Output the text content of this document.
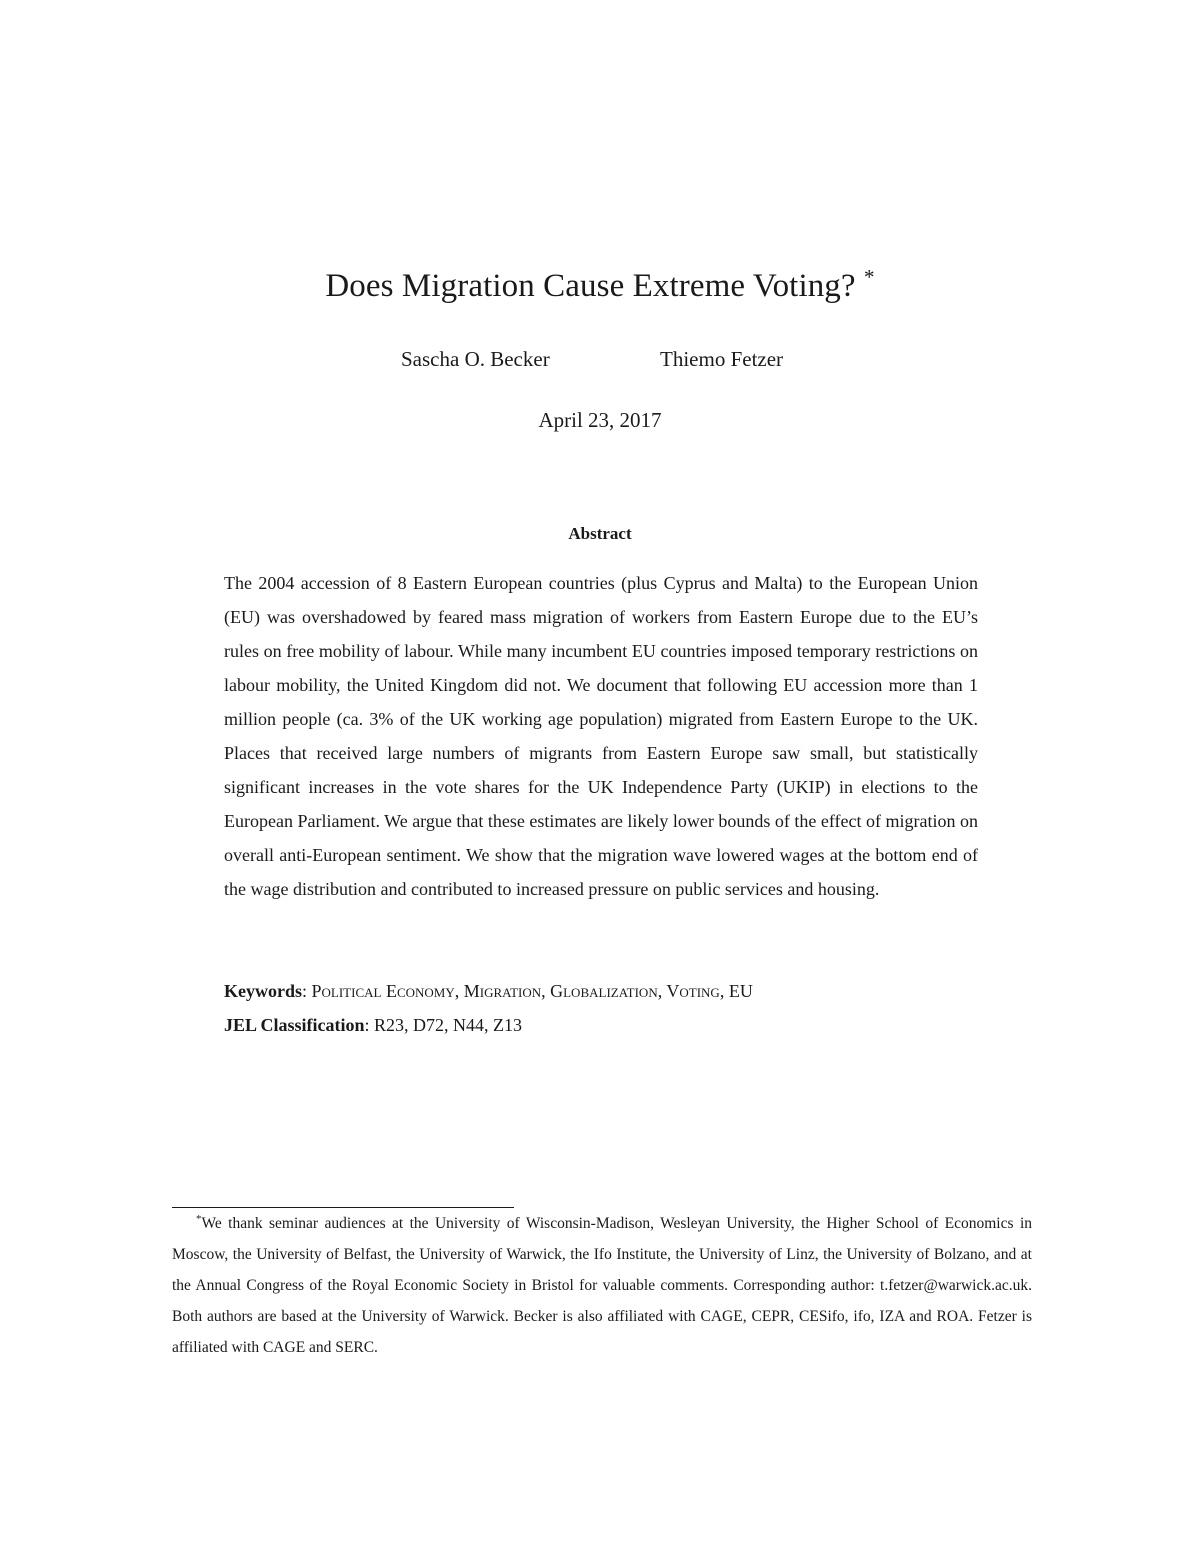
Does Migration Cause Extreme Voting? *
Sascha O. Becker	Thiemo Fetzer
April 23, 2017
Abstract
The 2004 accession of 8 Eastern European countries (plus Cyprus and Malta) to the European Union (EU) was overshadowed by feared mass migration of workers from Eastern Europe due to the EU’s rules on free mobility of labour. While many incumbent EU countries imposed temporary restrictions on labour mobility, the United Kingdom did not. We document that following EU accession more than 1 million people (ca. 3% of the UK working age population) migrated from Eastern Europe to the UK. Places that received large numbers of migrants from Eastern Europe saw small, but statistically significant increases in the vote shares for the UK Independence Party (UKIP) in elections to the European Parliament. We argue that these estimates are likely lower bounds of the effect of migration on overall anti-European sentiment. We show that the migration wave lowered wages at the bottom end of the wage distribution and contributed to increased pressure on public services and housing.
Keywords: Political Economy, Migration, Globalization, Voting, EU
JEL Classification: R23, D72, N44, Z13
*We thank seminar audiences at the University of Wisconsin-Madison, Wesleyan University, the Higher School of Economics in Moscow, the University of Belfast, the University of Warwick, the Ifo Institute, the University of Linz, the University of Bolzano, and at the Annual Congress of the Royal Economic Society in Bristol for valuable comments. Corresponding author: t.fetzer@warwick.ac.uk. Both authors are based at the University of Warwick. Becker is also affiliated with CAGE, CEPR, CESifo, ifo, IZA and ROA. Fetzer is affiliated with CAGE and SERC.
